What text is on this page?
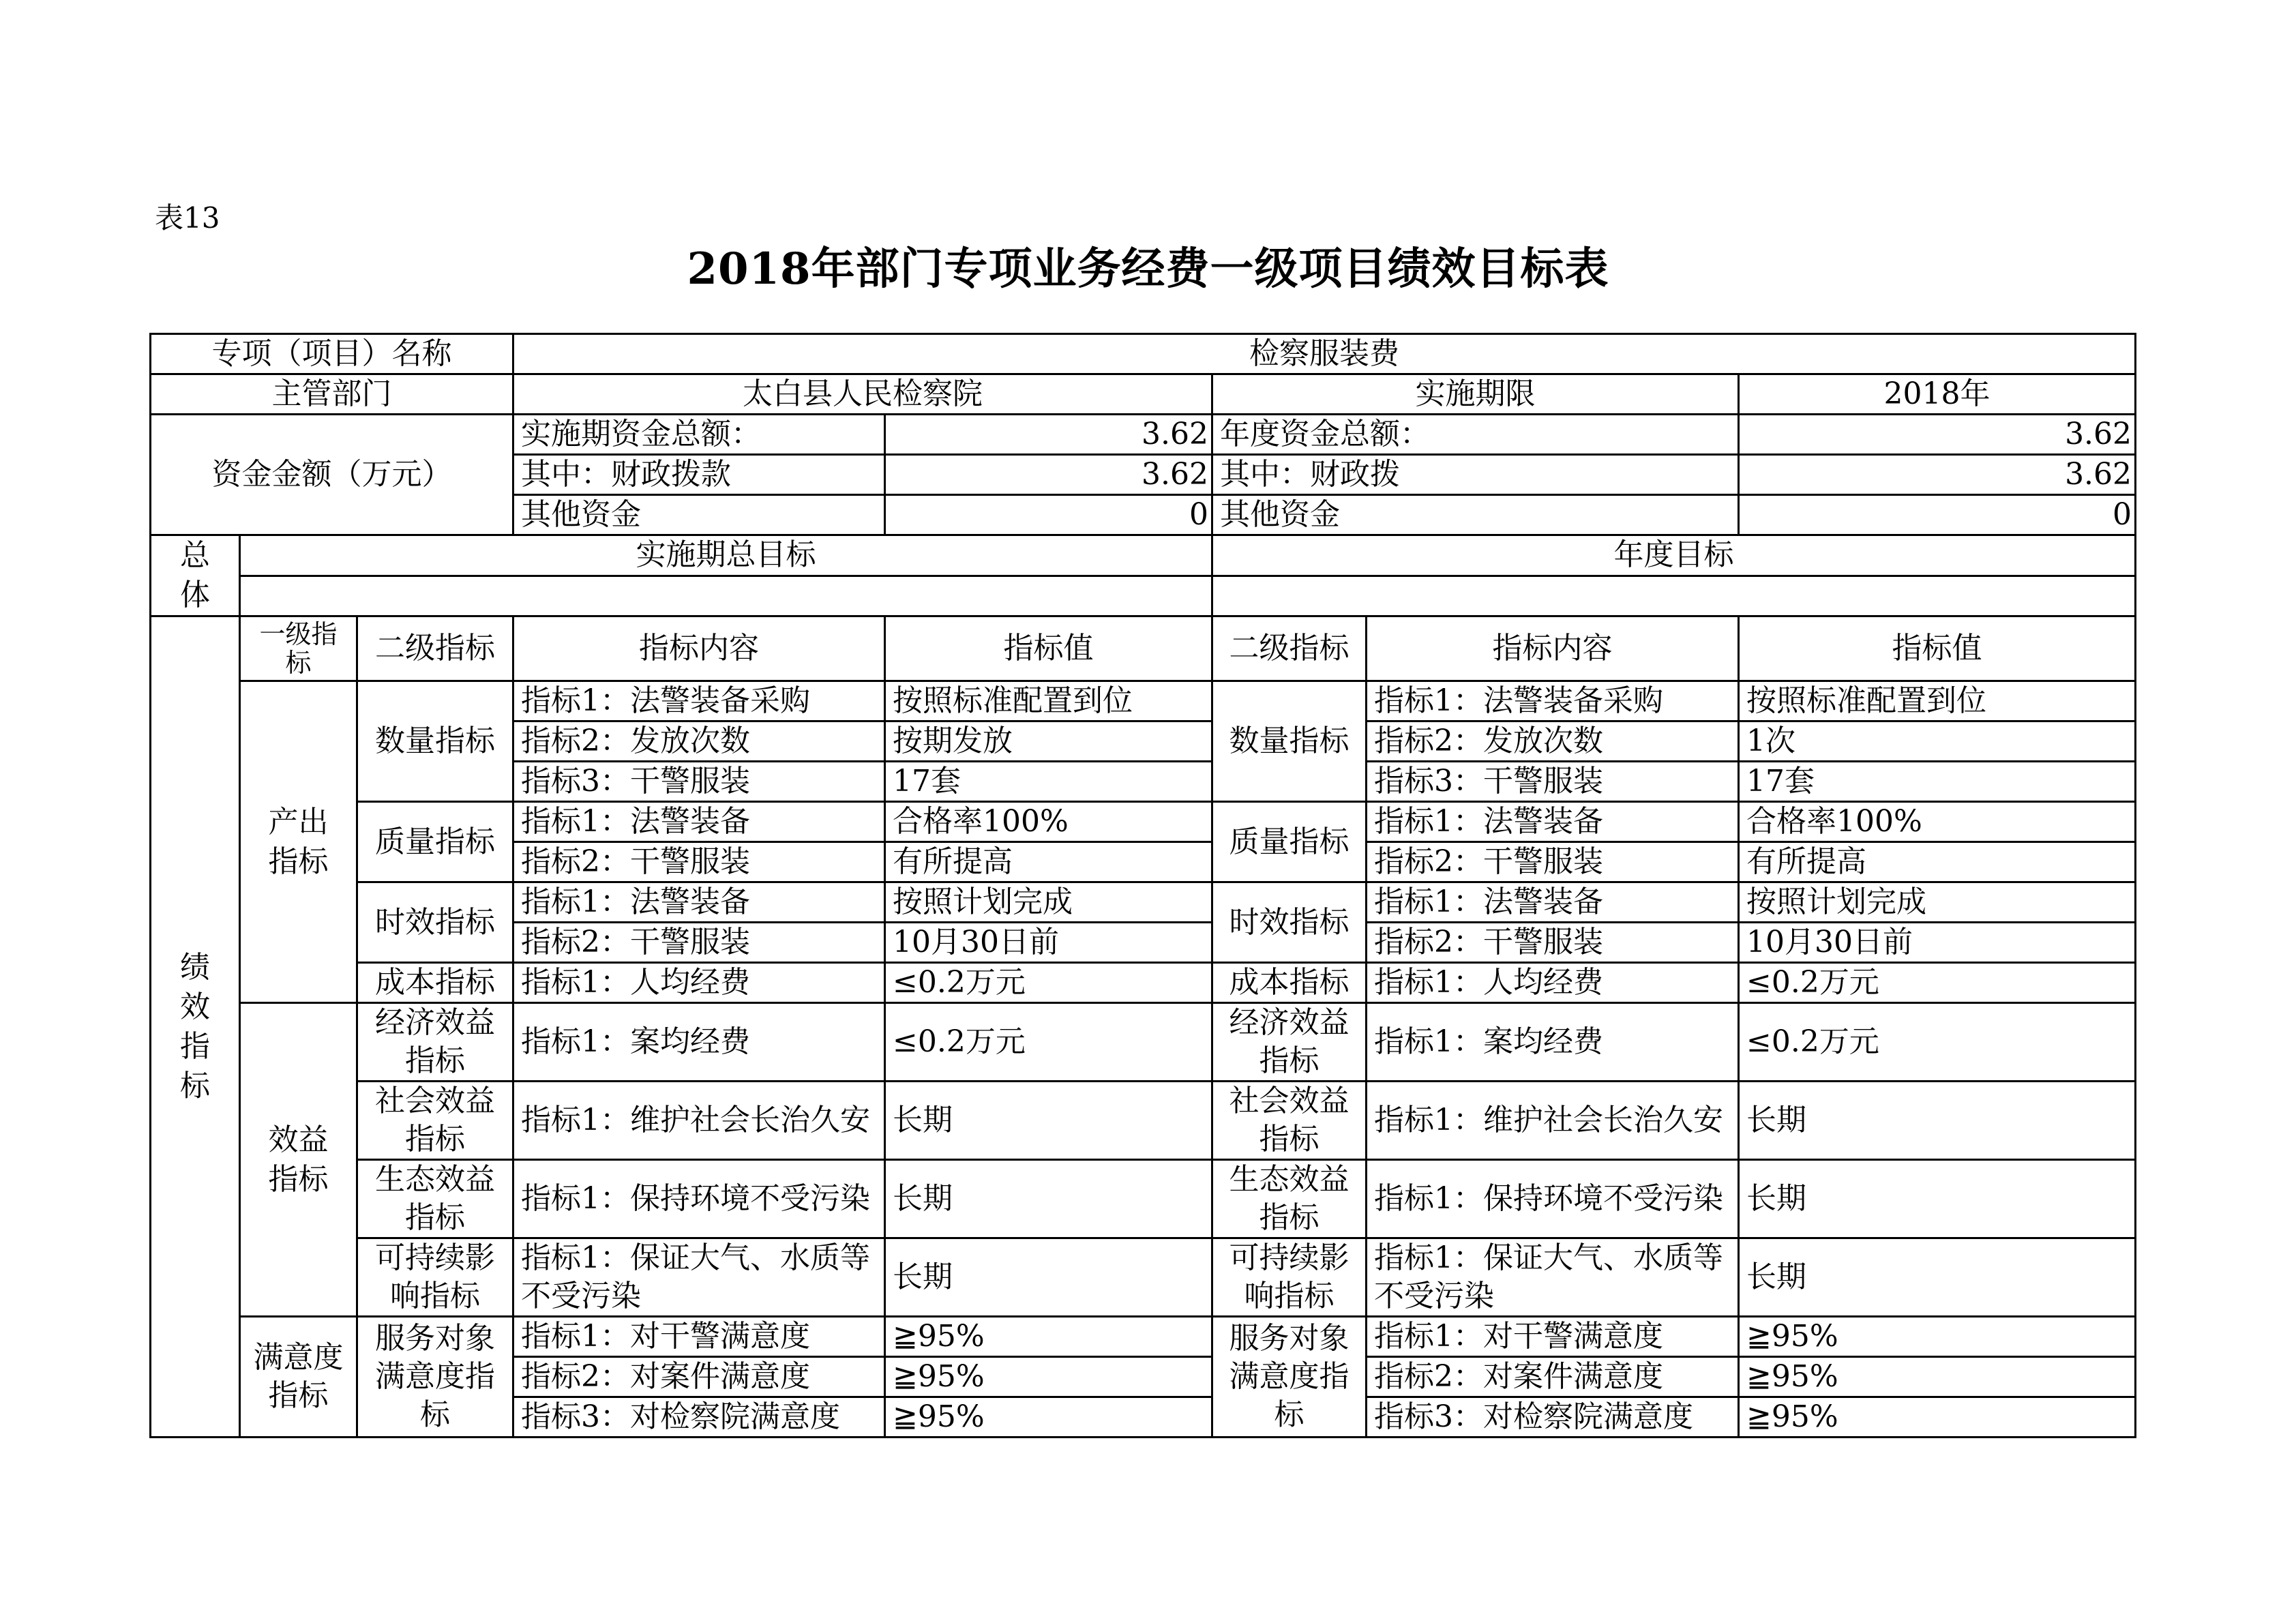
表13
2018年部门专项业务经费一级项目绩效目标表
专项（项目）名称			检察服装费				
主管部门			太白县人民检察院		实施期限		2018年
资金金额（万元）			实施期资金总额：	3.62	年度资金总额：		3.62
			其中：财政拨款	3.62	其中：财政拨		3.62
			其他资金	0	其他资金		0
总体	实施期总目标				年度目标		

绩效指标	一级指标	二级指标	指标内容	指标值	二级指标	指标内容	指标值
	产出指标	数量指标	指标1：法警装备采购	按照标准配置到位	数量指标	指标1：法警装备采购	按照标准配置到位
			指标2：发放次数	按期发放		指标2：发放次数	1次
			指标3：干警服装	17套		指标3：干警服装	17套
		质量指标	指标1：法警装备	合格率100%	质量指标	指标1：法警装备	合格率100%
			指标2：干警服装	有所提高		指标2：干警服装	有所提高
		时效指标	指标1：法警装备	按照计划完成	时效指标	指标1：法警装备	按照计划完成
			指标2：干警服装	10月30日前		指标2：干警服装	10月30日前
		成本指标	指标1：人均经费	≤0.2万元	成本指标	指标1：人均经费	≤0.2万元
	效益指标	经济效益指标	指标1：案均经费	≤0.2万元	经济效益指标	指标1：案均经费	≤0.2万元
		社会效益指标	指标1：维护社会长治久安	长期	社会效益指标	指标1：维护社会长治久安	长期
		生态效益指标	指标1：保持环境不受污染	长期	生态效益指标	指标1：保持环境不受污染	长期
		可持续影响指标	指标1：保证大气、水质等不受污染	长期	可持续影响指标	指标1：保证大气、水质等不受污染	长期
	满意度指标	服务对象满意度指标	指标1：对干警满意度	≧95%	服务对象满意度指标	指标1：对干警满意度	≧95%
			指标2：对案件满意度	≧95%		指标2：对案件满意度	≧95%
			指标3：对检察院满意度	≧95%		指标3：对检察院满意度	≧95%
